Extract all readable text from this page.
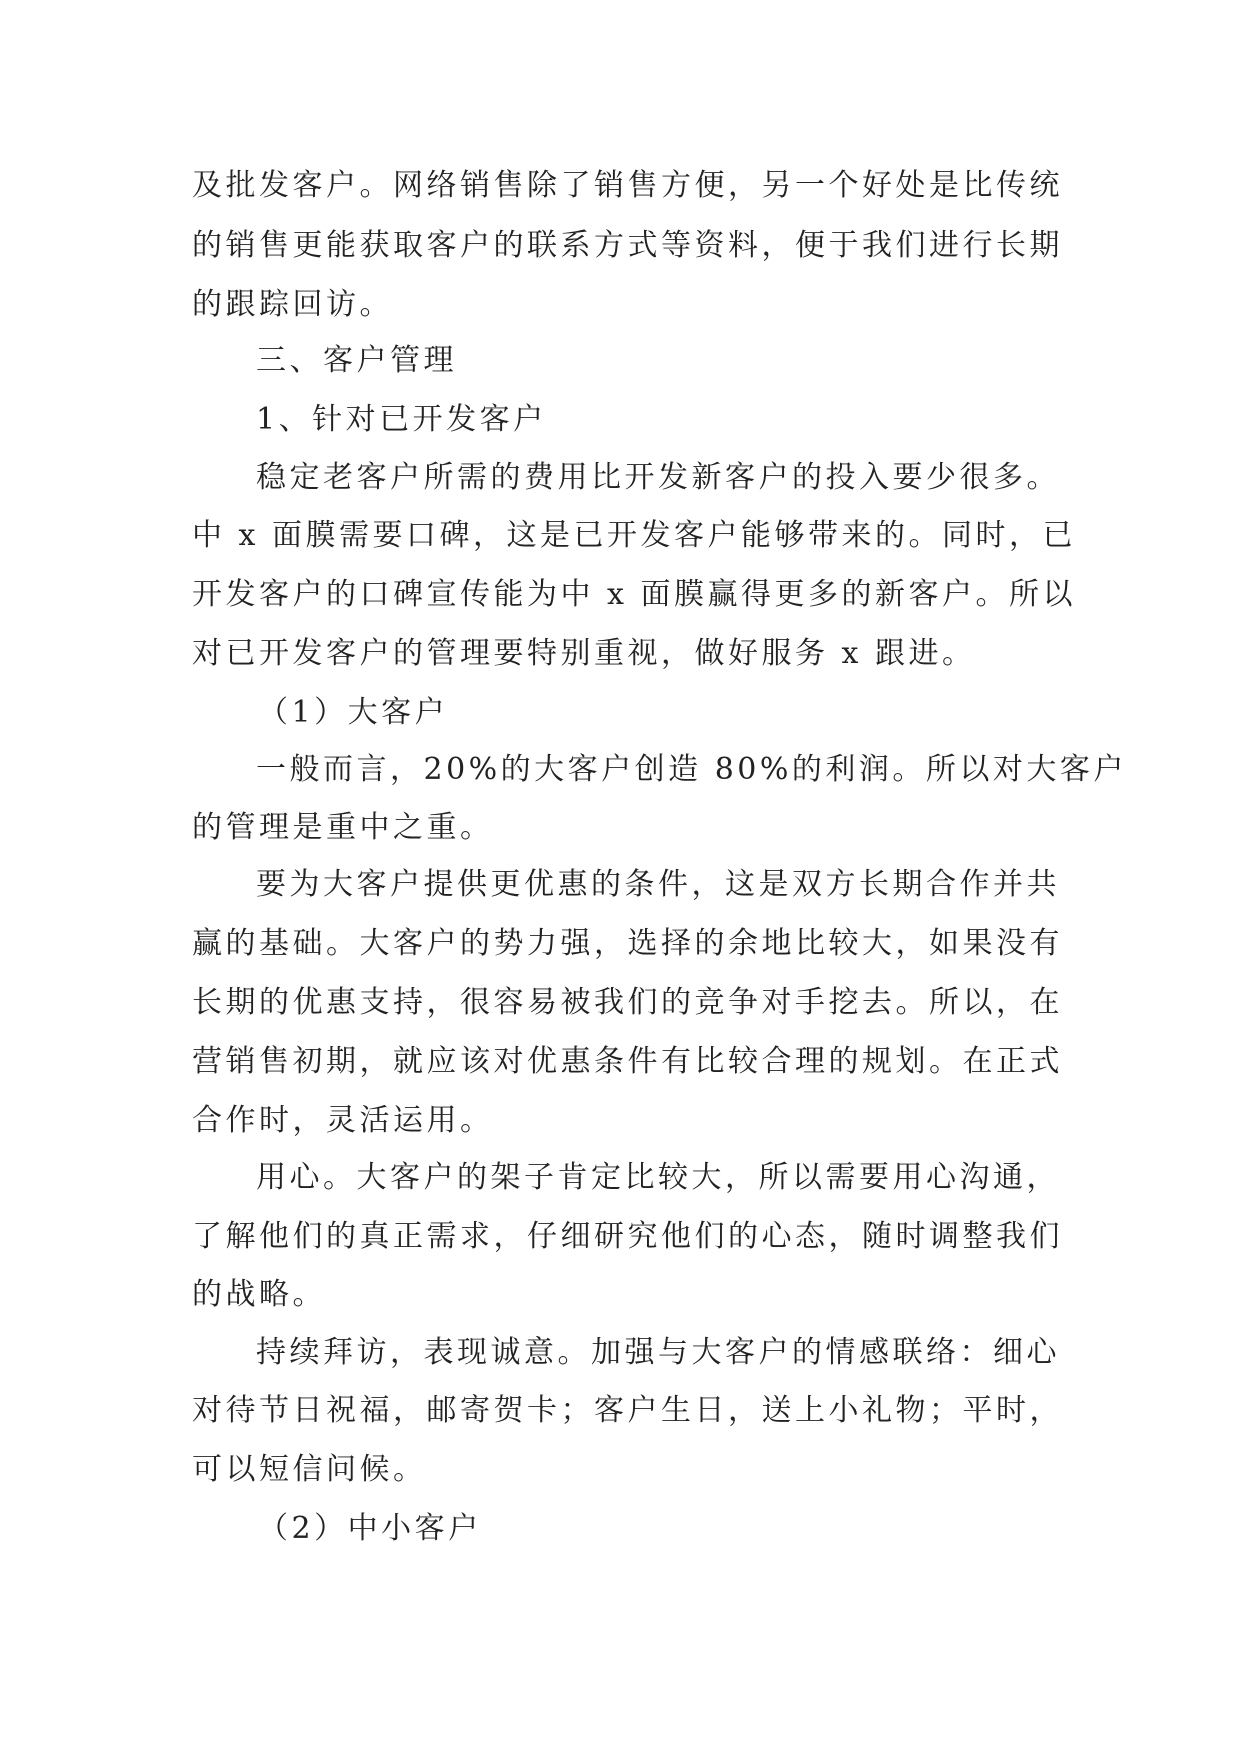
及批发客户。网络销售除了销售方便，另一个好处是比传统
的销售更能获取客户的联系方式等资料，便于我们进行长期
的跟踪回访。
三、客户管理
1、针对已开发客户
稳定老客户所需的费用比开发新客户的投入要少很多。
中 x 面膜需要口碑，这是已开发客户能够带来的。同时，已
开发客户的口碑宣传能为中 x 面膜赢得更多的新客户。所以
对已开发客户的管理要特别重视，做好服务 x 跟进。
（1）大客户
一般而言，20%的大客户创造 80%的利润。所以对大客户
的管理是重中之重。
要为大客户提供更优惠的条件，这是双方长期合作并共
赢的基础。大客户的势力强，选择的余地比较大，如果没有
长期的优惠支持，很容易被我们的竞争对手挖去。所以，在
营销售初期，就应该对优惠条件有比较合理的规划。在正式
合作时，灵活运用。
用心。大客户的架子肯定比较大，所以需要用心沟通，
了解他们的真正需求，仔细研究他们的心态，随时调整我们
的战略。
持续拜访，表现诚意。加强与大客户的情感联络：细心
对待节日祝福，邮寄贺卡；客户生日，送上小礼物；平时，
可以短信问候。
（2）中小客户
